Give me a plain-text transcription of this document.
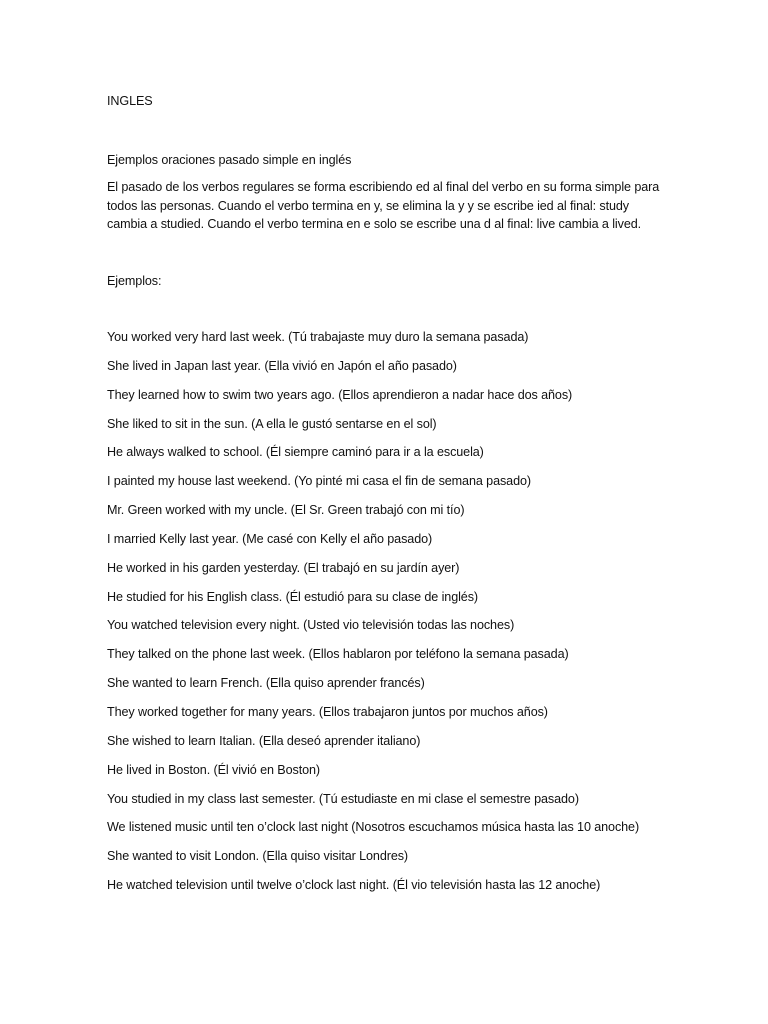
INGLES

Ejemplos oraciones pasado simple en inglés

El pasado de los verbos regulares se forma escribiendo ed al final del verbo en su forma simple para todos las personas. Cuando el verbo termina en y, se elimina la y y se escribe ied al final: study cambia a studied. Cuando el verbo termina en e solo se escribe una d al final: live cambia a lived.

Ejemplos:

You worked very hard last week. (Tú trabajaste muy duro la semana pasada)
She lived in Japan last year. (Ella vivió en Japón el año pasado)
They learned how to swim two years ago. (Ellos aprendieron a nadar hace dos años)
She liked to sit in the sun. (A ella le gustó sentarse en el sol)
He always walked to school. (Él siempre caminó para ir a la escuela)
I painted my house last weekend. (Yo pinté mi casa el fin de semana pasado)
Mr. Green worked with my uncle. (El Sr. Green trabajó con mi tío)
I married Kelly last year. (Me casé con Kelly el año pasado)
He worked in his garden yesterday. (El trabajó en su jardín ayer)
He studied for his English class. (Él estudió para su clase de inglés)
You watched television every night. (Usted vio televisión todas las noches)
They talked on the phone last week. (Ellos hablaron por teléfono la semana pasada)
She wanted to learn French. (Ella quiso aprender francés)
They worked together for many years. (Ellos trabajaron juntos por muchos años)
She wished to learn Italian. (Ella deseó aprender italiano)
He lived in Boston. (Él vivió en Boston)
You studied in my class last semester. (Tú estudiaste en mi clase el semestre pasado)
We listened music until ten o’clock last night (Nosotros escuchamos música hasta las 10 anoche)
She wanted to visit London. (Ella quiso visitar Londres)
He watched television until twelve o’clock last night. (Él vio televisión hasta las 12 anoche)
